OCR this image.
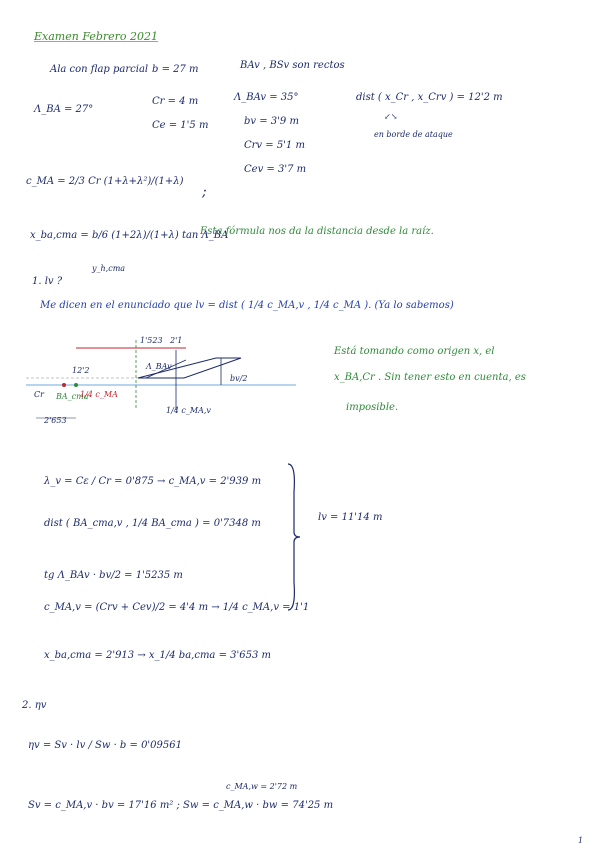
Examen Febrero 2021
Ala con flap parcial b = 27 m	BAv , BSv son rectos
Λ_BA = 27°
Cr = 4 m	Λ_BAv = 35°	dist ( x_Cr , x_Crv ) = 12'2 m
Ce = 1'5 m	bv = 3'9 m	↙↘
en borde de ataque
Crv = 5'1 m
Cev = 3'7 m
c_MA = 2/3 Cr (1+λ+λ²)/(1+λ)
;
x_ba,cma = b/6 (1+2λ)/(1+λ) tan Λ_BA
y_h,cma
Esta fórmula nos da la distancia desde la raíz.
1. lv ?
Me dicen en el enunciado que lv = dist ( 1/4 c_MA,v , 1/4 c_MA ). (Ya lo sabemos)
1'523 2'1
Λ_BAv
bv/2
1/4 c_MA,v
Cr BA_cma
1/4 c_MA
2'653
12'2
Está tomando como origen x, el
x_BA,Cr . Sin tener esto en cuenta, es
imposible.
λ_v = Cε / Cr = 0'875 → c_MA,v = 2'939 m
dist ( BA_cma,v , 1/4 BA_cma ) = 0'7348 m
tg Λ_BAv · bv/2 = 1'5235 m
c_MA,v = (Crv + Cev)/2 = 4'4 m → 1/4 c_MA,v = 1'1
x_ba,cma = 2'913 → x_1/4 ba,cma = 3'653 m
lv = 11'14 m
2. ηv
ηv = Sv · lv / Sw · b = 0'09561
c_MA,w = 2'72 m
Sv = c_MA,v · bv = 17'16 m² ; Sw = c_MA,w · bw = 74'25 m
1
